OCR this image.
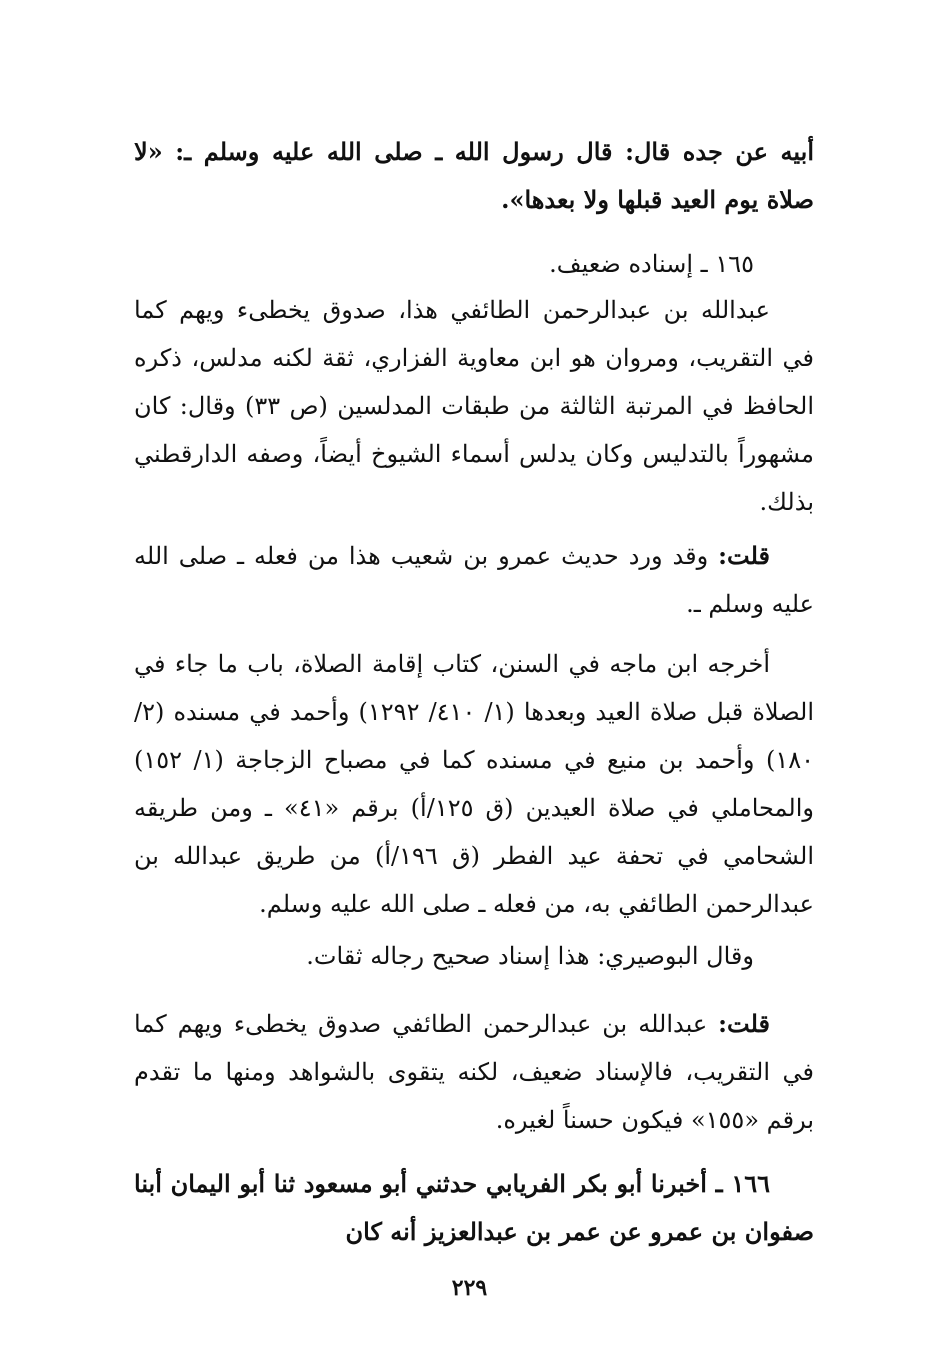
أبيه عن جده قال: قال رسول الله ـ صلى الله عليه وسلم ـ: «لا صلاة يوم العيد قبلها ولا بعدها».
١٦٥ ـ إسناده ضعيف.
عبدالله بن عبدالرحمن الطائفي هذا، صدوق يخطىء ويهم كما في التقريب، ومروان هو ابن معاوية الفزاري، ثقة لكنه مدلس، ذكره الحافظ في المرتبة الثالثة من طبقات المدلسين (ص ٣٣) وقال: كان مشهوراً بالتدليس وكان يدلس أسماء الشيوخ أيضاً، وصفه الدارقطني بذلك.
قلت: وقد ورد حديث عمرو بن شعيب هذا من فعله ـ صلى الله عليه وسلم ـ.
أخرجه ابن ماجه في السنن، كتاب إقامة الصلاة، باب ما جاء في الصلاة قبل صلاة العيد وبعدها (١/ ٤١٠/ ١٢٩٢) وأحمد في مسنده (٢/ ١٨٠) وأحمد بن منيع في مسنده كما في مصباح الزجاجة (١/ ١٥٢) والمحاملي في صلاة العيدين (ق ١٢٥/أ) برقم «٤١» ـ ومن طريقه الشحامي في تحفة عيد الفطر (ق ١٩٦/أ) من طريق عبدالله بن عبدالرحمن الطائفي به، من فعله ـ صلى الله عليه وسلم.
وقال البوصيري: هذا إسناد صحيح رجاله ثقات.
قلت: عبدالله بن عبدالرحمن الطائفي صدوق يخطىء ويهم كما في التقريب، فالإسناد ضعيف، لكنه يتقوى بالشواهد ومنها ما تقدم برقم «١٥٥» فيكون حسناً لغيره.
١٦٦ ـ أخبرنا أبو بكر الفريابي حدثني أبو مسعود ثنا أبو اليمان أبنا صفوان بن عمرو عن عمر بن عبدالعزيز أنه كان
٢٢٩
